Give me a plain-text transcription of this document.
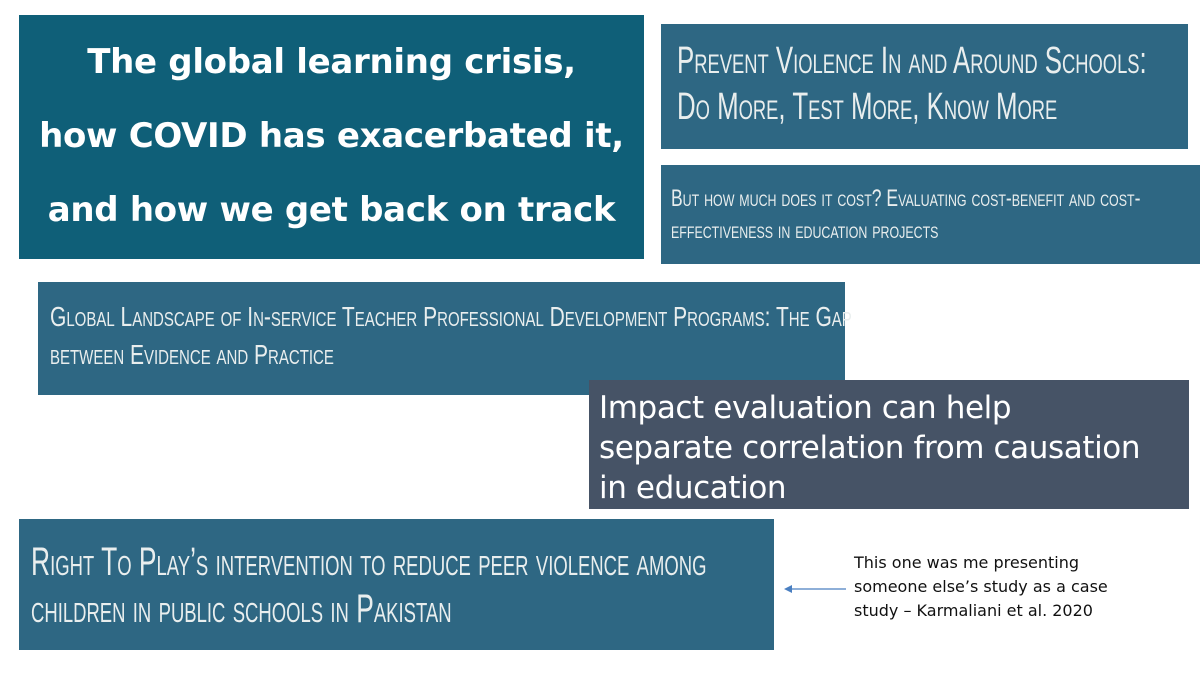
The global learning crisis,
how COVID has exacerbated it,
and how we get back on track
Prevent Violence In and Around Schools:
Do More, Test More, Know More
But how much does it cost? Evaluating cost-benefit and cost-
effectiveness in education projects
Global Landscape of In-service Teacher Professional Development Programs: The Gap
between Evidence and Practice
Impact evaluation can help
separate correlation from causation
in education
Right To Play’s intervention to reduce peer violence among
children in public schools in Pakistan
This one was me presenting
someone else’s study as a case
study – Karmaliani et al. 2020
